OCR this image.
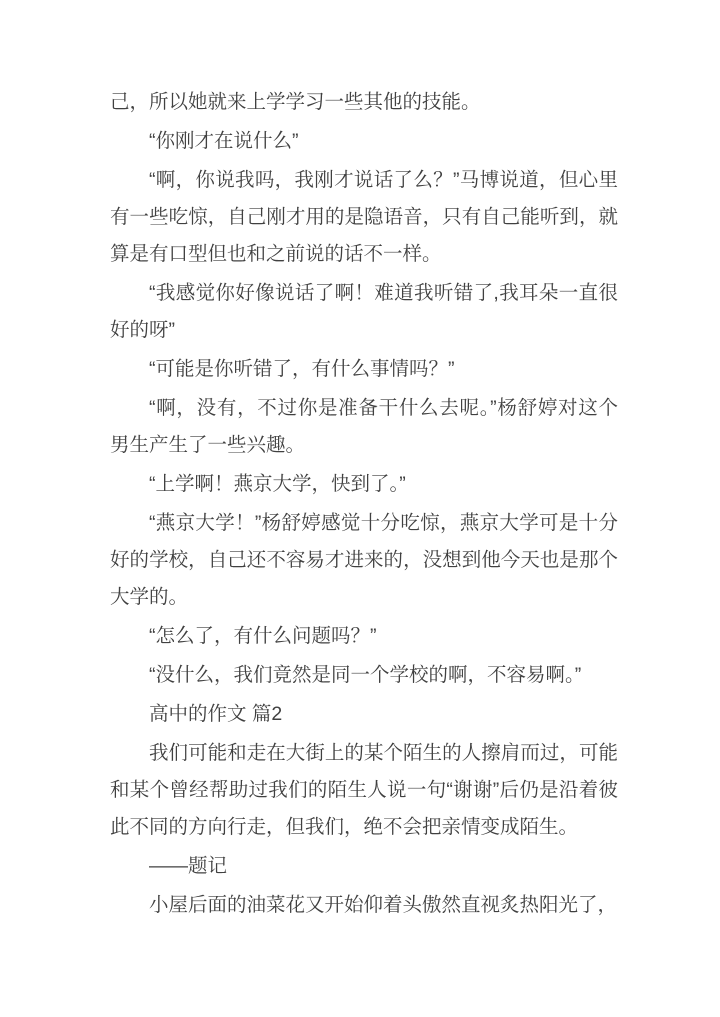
己，所以她就来上学学习一些其他的技能。

“你刚才在说什么”

“啊，你说我吗，我刚才说话了么？”马博说道，但心里有一些吃惊，自己刚才用的是隐语音，只有自己能听到，就算是有口型但也和之前说的话不一样。

“我感觉你好像说话了啊！难道我听错了,我耳朵一直很好的呀”

“可能是你听错了，有什么事情吗？”

“啊，没有，不过你是准备干什么去呢。”杨舒婷对这个男生产生了一些兴趣。

“上学啊！燕京大学，快到了。”

“燕京大学！”杨舒婷感觉十分吃惊，燕京大学可是十分好的学校，自己还不容易才进来的，没想到他今天也是那个大学的。

“怎么了，有什么问题吗？”

“没什么，我们竟然是同一个学校的啊，不容易啊。”

高中的作文 篇2

我们可能和走在大街上的某个陌生的人擦肩而过，可能和某个曾经帮助过我们的陌生人说一句“谢谢”后仍是沿着彼此不同的方向行走，但我们，绝不会把亲情变成陌生。

——题记

小屋后面的油菜花又开始仰着头傲然直视炙热阳光了，
